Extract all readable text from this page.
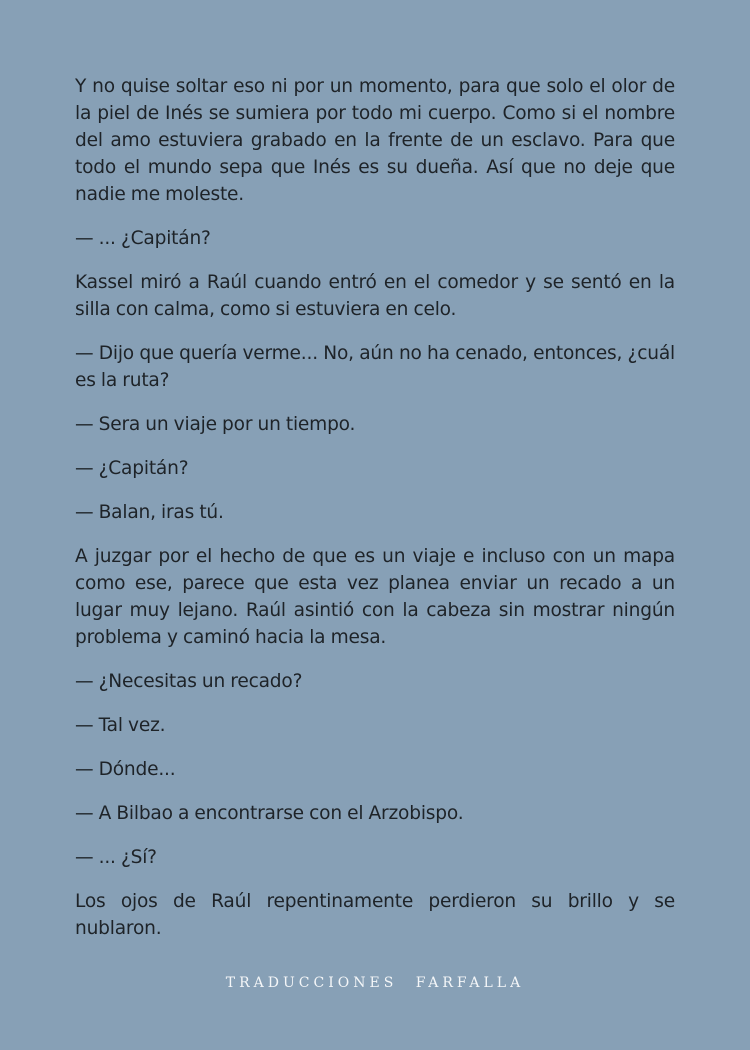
Y no quise soltar eso ni por un momento, para que solo el olor de la piel de Inés se sumiera por todo mi cuerpo. Como si el nombre del amo estuviera grabado en la frente de un esclavo. Para que todo el mundo sepa que Inés es su dueña. Así que no deje que nadie me moleste.

— ... ¿Capitán?

Kassel miró a Raúl cuando entró en el comedor y se sentó en la silla con calma, como si estuviera en celo.

— Dijo que quería verme... No, aún no ha cenado, entonces, ¿cuál es la ruta?

— Sera un viaje por un tiempo.

— ¿Capitán?

— Balan, iras tú.

A juzgar por el hecho de que es un viaje e incluso con un mapa como ese, parece que esta vez planea enviar un recado a un lugar muy lejano. Raúl asintió con la cabeza sin mostrar ningún problema y caminó hacia la mesa.

— ¿Necesitas un recado?

— Tal vez.

— Dónde...

— A Bilbao a encontrarse con el Arzobispo.

— ... ¿Sí?

Los ojos de Raúl repentinamente perdieron su brillo y se nublaron.

TRADUCCIONES FARFALLA
